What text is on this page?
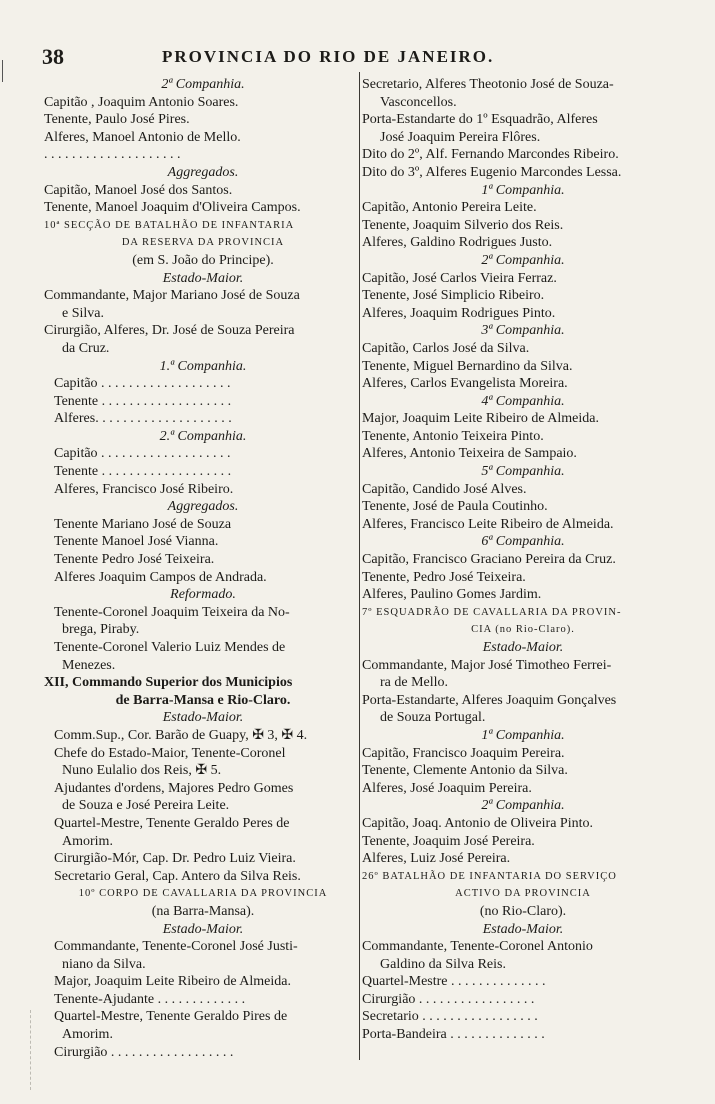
38	PROVINCIA DO RIO DE JANEIRO.
2ª Companhia.
Capitão , Joaquim Antonio Soares.
Tenente, Paulo José Pires.
Alferes, Manoel Antonio de Mello.
. . . . . . . . . . . . . . . . . . . .
Aggregados.
Capitão, Manoel José dos Santos.
Tenente, Manoel Joaquim d'Oliveira Campos.
10ª SECÇÃO DE BATALHÃO DE INFANTARIA
DA RESERVA DA PROVINCIA
(em S. João do Principe).
Estado-Maior.
Commandante, Major Mariano José de Souza
e Silva.
Cirurgião, Alferes, Dr. José de Souza Pereira
da Cruz.
1.ª Companhia.
Capitão . . . . . . . . . . . . . . . . . . .
Tenente . . . . . . . . . . . . . . . . . . .
Alferes. . . . . . . . . . . . . . . . . . . .
2.ª Companhia.
Capitão . . . . . . . . . . . . . . . . . . .
Tenente . . . . . . . . . . . . . . . . . . .
Alferes, Francisco José Ribeiro.
Aggregados.
Tenente Mariano José de Souza
Tenente Manoel José Vianna.
Tenente Pedro José Teixeira.
Alferes Joaquim Campos de Andrada.
Reformado.
Tenente-Coronel Joaquim Teixeira da No-
brega, Piraby.
Tenente-Coronel Valerio Luiz Mendes de
Menezes.
XII, Commando Superior dos Municipios
de Barra-Mansa e Rio-Claro.
Estado-Maior.
Comm.Sup., Cor. Barão de Guapy, ✠ 3, ✠ 4.
Chefe do Estado-Maior, Tenente-Coronel
Nuno Eulalio dos Reis, ✠ 5.
Ajudantes d'ordens, Majores Pedro Gomes
de Souza e José Pereira Leite.
Quartel-Mestre, Tenente Geraldo Peres de
Amorim.
Cirurgião-Mór, Cap. Dr. Pedro Luiz Vieira.
Secretario Geral, Cap. Antero da Silva Reis.
10º CORPO DE CAVALLARIA DA PROVINCIA
(na Barra-Mansa).
Estado-Maior.
Commandante, Tenente-Coronel José Justi-
niano da Silva.
Major, Joaquim Leite Ribeiro de Almeida.
Tenente-Ajudante . . . . . . . . . . . . .
Quartel-Mestre, Tenente Geraldo Pires de
Amorim.
Cirurgião . . . . . . . . . . . . . . . . . .
Secretario, Alferes Theotonio José de Souza-
Vasconcellos.
Porta-Estandarte do 1º Esquadrão, Alferes
José Joaquim Pereira Flôres.
Dito do 2º, Alf. Fernando Marcondes Ribeiro.
Dito do 3º, Alferes Eugenio Marcondes Lessa.
1ª Companhia.
Capitão, Antonio Pereira Leite.
Tenente, Joaquim Silverio dos Reis.
Alferes, Galdino Rodrigues Justo.
2ª Companhia.
Capitão, José Carlos Vieira Ferraz.
Tenente, José Simplicio Ribeiro.
Alferes, Joaquim Rodrigues Pinto.
3ª Companhia.
Capitão, Carlos José da Silva.
Tenente, Miguel Bernardino da Silva.
Alferes, Carlos Evangelista Moreira.
4ª Companhia.
Major, Joaquim Leite Ribeiro de Almeida.
Tenente, Antonio Teixeira Pinto.
Alferes, Antonio Teixeira de Sampaio.
5ª Companhia.
Capitão, Candido José Alves.
Tenente, José de Paula Coutinho.
Alferes, Francisco Leite Ribeiro de Almeida.
6ª Companhia.
Capitão, Francisco Graciano Pereira da Cruz.
Tenente, Pedro José Teixeira.
Alferes, Paulino Gomes Jardim.
7º ESQUADRÃO DE CAVALLARIA DA PROVIN-
CIA (no Rio-Claro).
Estado-Maior.
Commandante, Major José Timotheo Ferrei-
ra de Mello.
Porta-Estandarte, Alferes Joaquim Gonçalves
de Souza Portugal.
1ª Companhia.
Capitão, Francisco Joaquim Pereira.
Tenente, Clemente Antonio da Silva.
Alferes, José Joaquim Pereira.
2ª Companhia.
Capitão, Joaq. Antonio de Oliveira Pinto.
Tenente, Joaquim José Pereira.
Alferes, Luiz José Pereira.
26º BATALHÃO DE INFANTARIA DO SERVIÇO
ACTIVO DA PROVINCIA
(no Rio-Claro).
Estado-Maior.
Commandante, Tenente-Coronel Antonio
Galdino da Silva Reis.
Quartel-Mestre . . . . . . . . . . . . . .
Cirurgião . . . . . . . . . . . . . . . . .
Secretario . . . . . . . . . . . . . . . . .
Porta-Bandeira . . . . . . . . . . . . . .
